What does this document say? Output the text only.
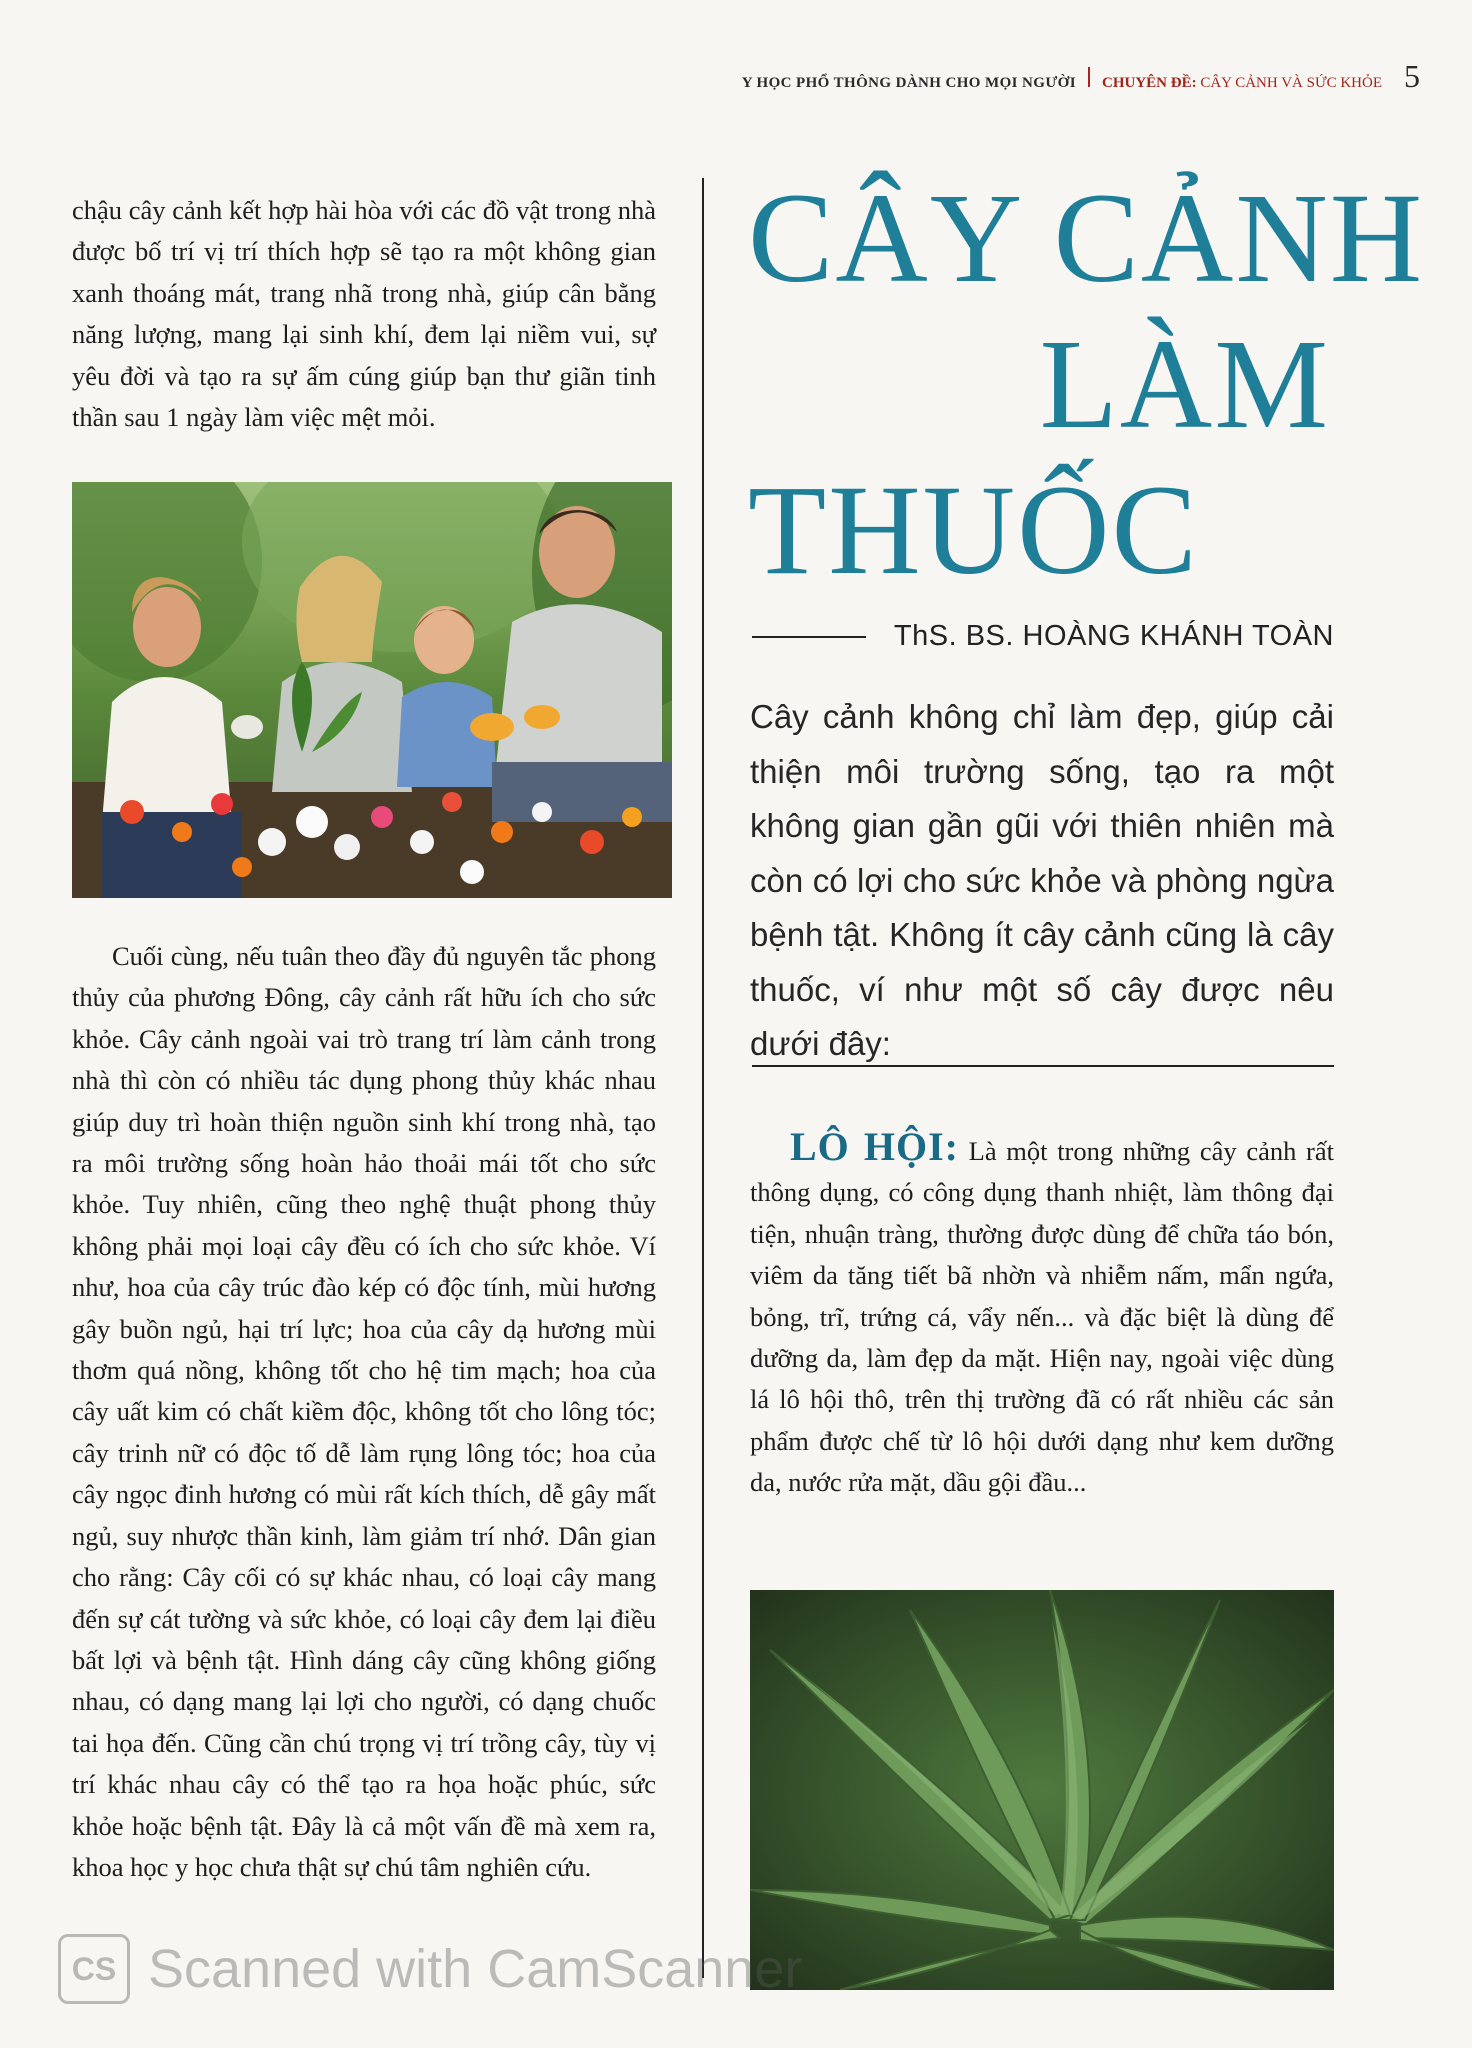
Y HỌC PHỔ THÔNG DÀNH CHO MỌI NGƯỜI CHUYÊN ĐỀ: CÂY CẢNH VÀ SỨC KHỎE 5

chậu cây cảnh kết hợp hài hòa với các đồ vật trong nhà được bố trí vị trí thích hợp sẽ tạo ra một không gian xanh thoáng mát, trang nhã trong nhà, giúp cân bằng năng lượng, mang lại sinh khí, đem lại niềm vui, sự yêu đời và tạo ra sự ấm cúng giúp bạn thư giãn tinh thần sau 1 ngày làm việc mệt mỏi.

Cuối cùng, nếu tuân theo đầy đủ nguyên tắc phong thủy của phương Đông, cây cảnh rất hữu ích cho sức khỏe. Cây cảnh ngoài vai trò trang trí làm cảnh trong nhà thì còn có nhiều tác dụng phong thủy khác nhau giúp duy trì hoàn thiện nguồn sinh khí trong nhà, tạo ra môi trường sống hoàn hảo thoải mái tốt cho sức khỏe. Tuy nhiên, cũng theo nghệ thuật phong thủy không phải mọi loại cây đều có ích cho sức khỏe. Ví như, hoa của cây trúc đào kép có độc tính, mùi hương gây buồn ngủ, hại trí lực; hoa của cây dạ hương mùi thơm quá nồng, không tốt cho hệ tim mạch; hoa của cây uất kim có chất kiềm độc, không tốt cho lông tóc; cây trinh nữ có độc tố dễ làm rụng lông tóc; hoa của cây ngọc đinh hương có mùi rất kích thích, dễ gây mất ngủ, suy nhược thần kinh, làm giảm trí nhớ. Dân gian cho rằng: Cây cối có sự khác nhau, có loại cây mang đến sự cát tường và sức khỏe, có loại cây đem lại điều bất lợi và bệnh tật. Hình dáng cây cũng không giống nhau, có dạng mang lại lợi cho người, có dạng chuốc tai họa đến. Cũng cần chú trọng vị trí trồng cây, tùy vị trí khác nhau cây có thể tạo ra họa hoặc phúc, sức khỏe hoặc bệnh tật. Đây là cả một vấn đề mà xem ra, khoa học y học chưa thật sự chú tâm nghiên cứu.

CÂY CẢNH
LÀM
THUỐC
ThS. BS. HOÀNG KHÁNH TOÀN

Cây cảnh không chỉ làm đẹp, giúp cải thiện môi trường sống, tạo ra một không gian gần gũi với thiên nhiên mà còn có lợi cho sức khỏe và phòng ngừa bệnh tật. Không ít cây cảnh cũng là cây thuốc, ví như một số cây được nêu dưới đây:

LÔ HỘI: Là một trong những cây cảnh rất thông dụng, có công dụng thanh nhiệt, làm thông đại tiện, nhuận tràng, thường được dùng để chữa táo bón, viêm da tăng tiết bã nhờn và nhiễm nấm, mẩn ngứa, bỏng, trĩ, trứng cá, vẩy nến... và đặc biệt là dùng để dưỡng da, làm đẹp da mặt. Hiện nay, ngoài việc dùng lá lô hội thô, trên thị trường đã có rất nhiều các sản phẩm được chế từ lô hội dưới dạng như kem dưỡng da, nước rửa mặt, dầu gội đầu...

CS Scanned with CamScanner
